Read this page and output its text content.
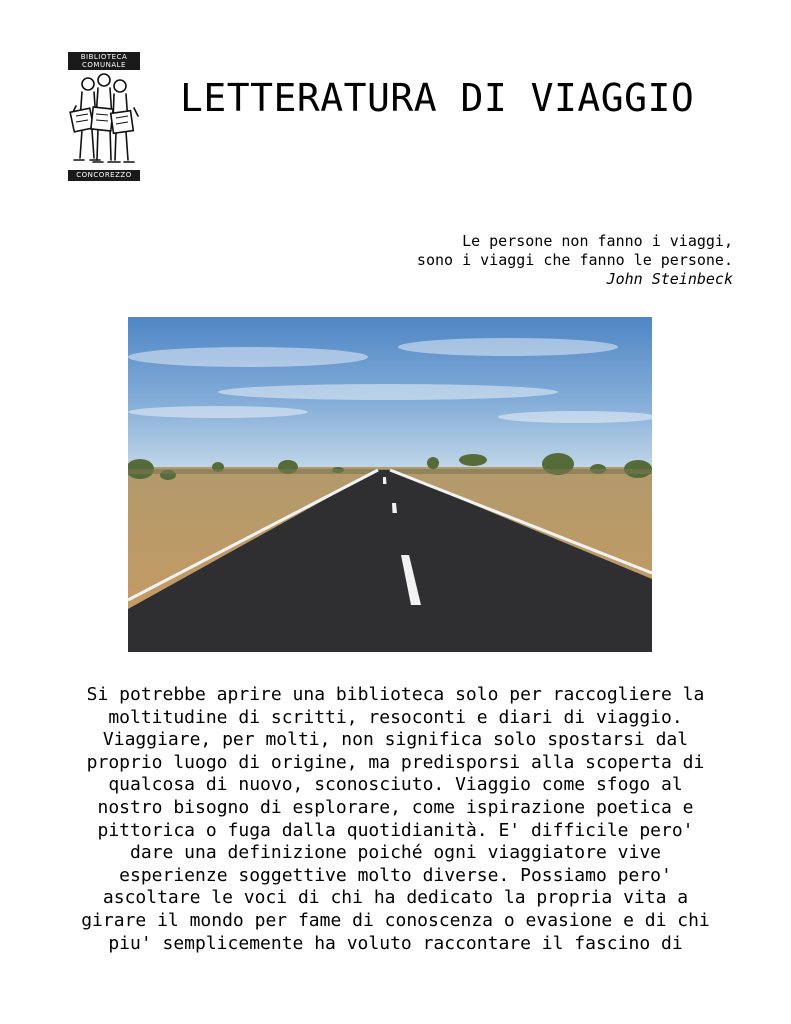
BIBLIOTECA
COMUNALE
CONCOREZZO
LETTERATURA DI VIAGGIO
Le persone non fanno i viaggi,
sono i viaggi che fanno le persone.
John Steinbeck
Si potrebbe aprire una biblioteca solo per raccogliere la
moltitudine di scritti, resoconti e diari di viaggio.
Viaggiare, per molti, non significa solo spostarsi dal
proprio luogo di origine, ma predisporsi alla scoperta di
qualcosa di nuovo, sconosciuto. Viaggio come sfogo al
nostro bisogno di esplorare, come ispirazione poetica e
pittorica o fuga dalla quotidianità. E' difficile pero'
dare una definizione poiché ogni viaggiatore vive
esperienze soggettive molto diverse. Possiamo pero'
ascoltare le voci di chi ha dedicato la propria vita a
girare il mondo per fame di conoscenza o evasione e di chi
piu' semplicemente ha voluto raccontare il fascino di
